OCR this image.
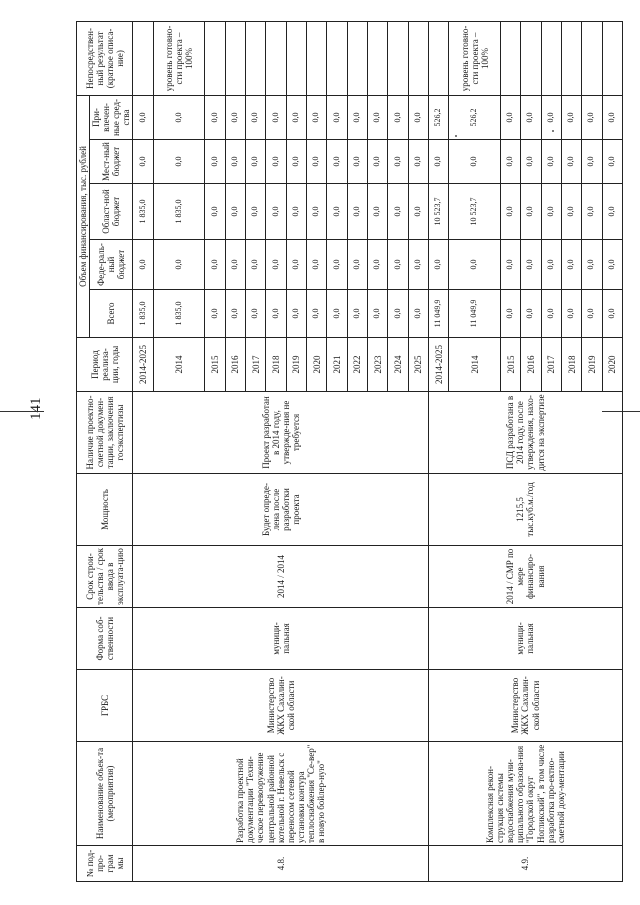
141
№ под-про-грам мы	Наименование объек-та (мероприятия)	ГРБС	Форма соб-ственности	Срок строи-тельства / срок ввода в эксплуата-цию	Мощность	Наличие проектно-сметной докумен-тации, заключения госэкспертизы	Период реализа-ции, годы	Объем финансирования, тыс. рублей					Непосредствен-ный результат (краткое описа-ние)
								Всего	Феде-раль-ный бюджет	Област-ной бюджет	Мест-ный бюджет	При-влечен-ные сред-ства	
4.8.	Разработка проектной документации "Техни-ческое перевооружение центральной районной котельной г. Невельск с переносом сетевой установки контура теплоснабжения "Се-вер" в новую бойлер-ную"	Министерство ЖКХ Сахалин-ской области	муници-пальная	2014 / 2014	Будет опреде-лена после разработки проекта	Проект разработан в 2014 году, утвержде-ния не требуется	2014-2025	1 835,0	0,0	1 835,0	0,0	0,0	
							2014	1 835,0	0,0	1 835,0	0,0	0,0	уровень готовно-сти проекта – 100%
							2015	0,0	0,0	0,0	0,0	0,0	
							2016	0,0	0,0	0,0	0,0	0,0	
							2017	0,0	0,0	0,0	0,0	0,0	
							2018	0,0	0,0	0,0	0,0	0,0	
							2019	0,0	0,0	0,0	0,0	0,0	
							2020	0,0	0,0	0,0	0,0	0,0	
							2021	0,0	0,0	0,0	0,0	0,0	
							2022	0,0	0,0	0,0	0,0	0,0	
							2023	0,0	0,0	0,0	0,0	0,0	
							2024	0,0	0,0	0,0	0,0	0,0	
							2025	0,0	0,0	0,0	0,0	0,0	
4.9.	Комплексная рекон-струкция системы водоснабжения муни-ципального образова-ния "Городской округ Ногликский", в том числе разработка про-ектно-сметной доку-ментации	Министерство ЖКХ Сахалин-ской области	муници-пальная	2014 / СМР по мере финансиро-вания	1215,5 тыс.куб.м./год	ПСД разработана в 2014 году, после утверждения, нахо-дится на экспертизе	2014-2025	11 049,9	0,0	10 523,7	0,0	526,2	
							2014	11 049,9	0,0	10 523,7	0,0	526,2	уровень готовно-сти проекта – 100%
							2015	0,0	0,0	0,0	0,0	0,0	
							2016	0,0	0,0	0,0	0,0	0,0	
							2017	0,0	0,0	0,0	0,0	0,0	
							2018	0,0	0,0	0,0	0,0	0,0	
							2019	0,0	0,0	0,0	0,0	0,0	
							2020	0,0	0,0	0,0	0,0	0,0	
